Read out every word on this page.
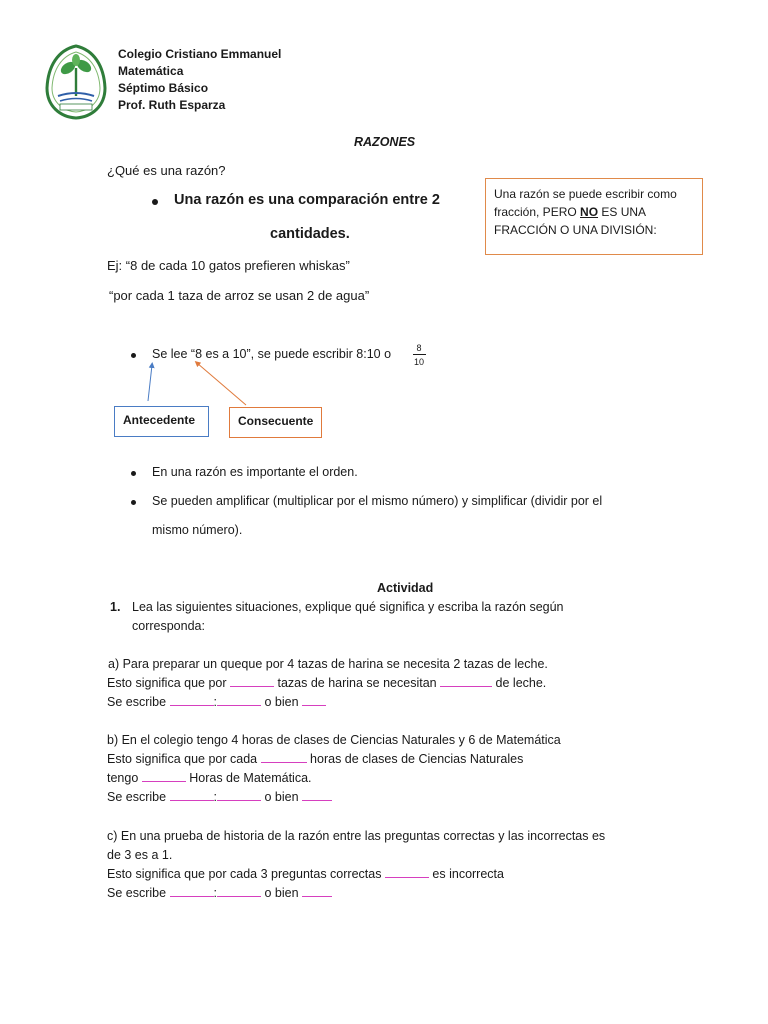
Colegio Cristiano Emmanuel
Matemática
Séptimo Básico
Prof. Ruth Esparza
RAZONES
¿Qué es una razón?
Una razón es una comparación entre 2
cantidades.
Una razón se puede escribir como fracción, PERO NO ES UNA FRACCIÓN O UNA DIVISIÓN:
Ej: “8 de cada 10 gatos prefieren whiskas”
“por cada 1 taza de arroz se usan 2 de agua”
Se lee “8 es a 10”, se puede escribir 8:10 o	8
10
Antecedente	Consecuente
En una razón es importante el orden.
Se pueden amplificar (multiplicar por el mismo número) y simplificar (dividir por el
mismo número).
Actividad
1. Lea las siguientes situaciones, explique qué significa y escriba la razón según
corresponda:
a) Para preparar un queque por 4 tazas de harina se necesita 2 tazas de leche.
Esto significa que por	tazas de harina se necesitan	de leche.
Se escribe	:	o bien
b) En el colegio tengo 4 horas de clases de Ciencias Naturales y 6 de Matemática
Esto significa que por cada	horas de clases de Ciencias Naturales
tengo	Horas de Matemática.
Se escribe	:	o bien
c) En una prueba de historia de la razón entre las preguntas correctas y las incorrectas es
de 3 es a 1.
Esto significa que por cada 3 preguntas correctas	es incorrecta
Se escribe	:	o bien
